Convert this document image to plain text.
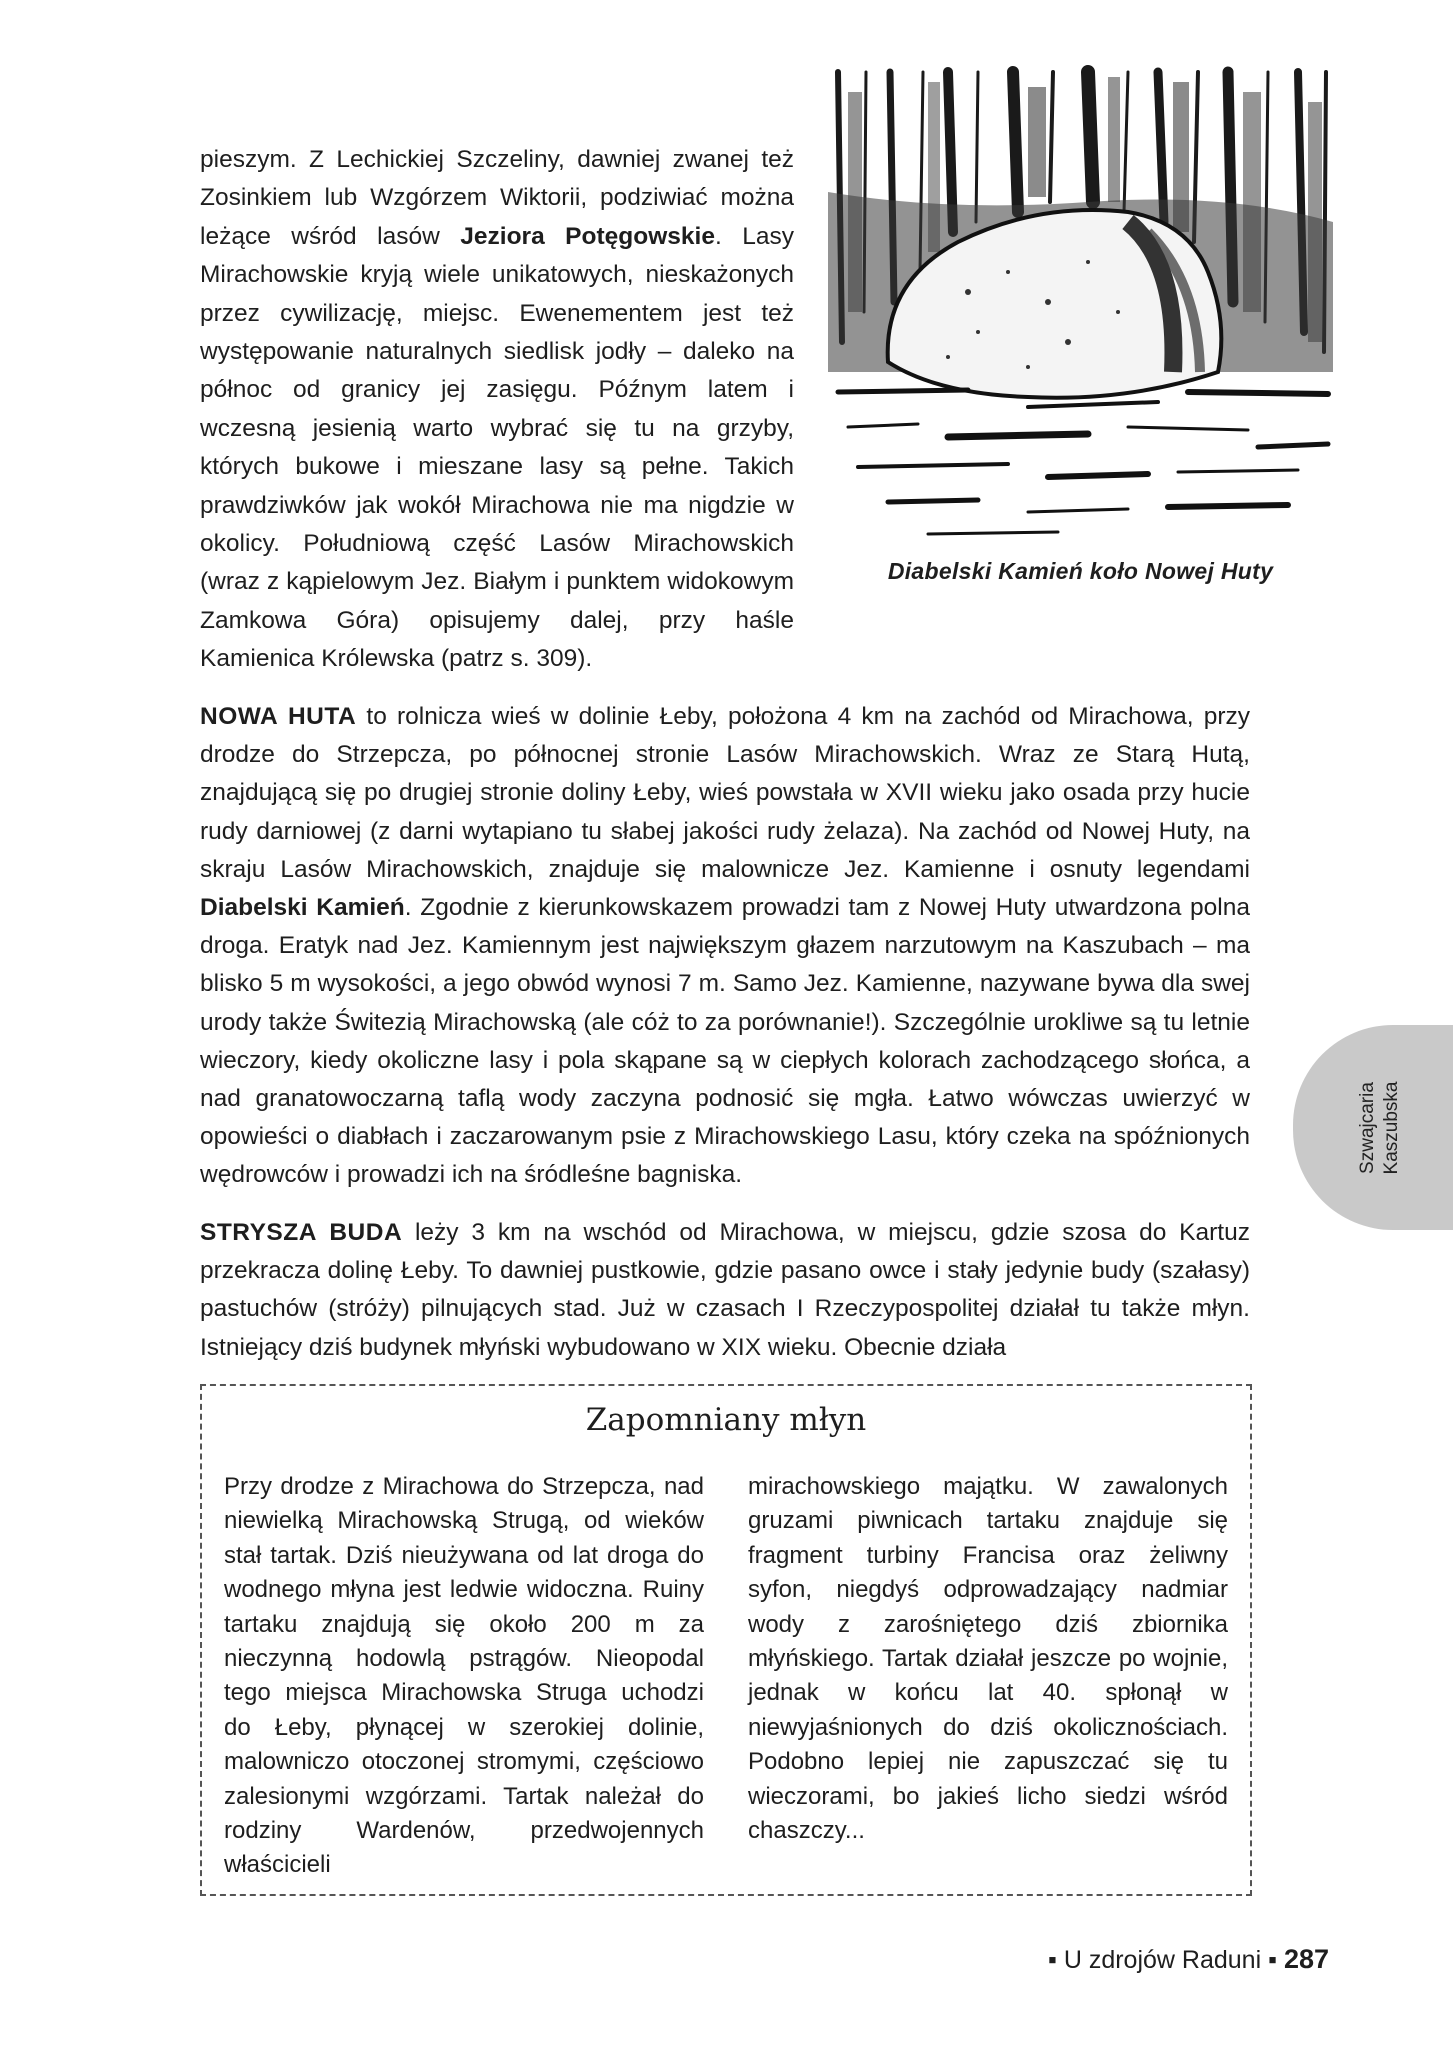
pieszym. Z Lechickiej Szczeliny, dawniej zwanej też Zosinkiem lub Wzgórzem Wiktorii, podziwiać można leżące wśród lasów Jeziora Potęgowskie. Lasy Mirachowskie kryją wiele unikatowych, nieskażonych przez cywilizację, miejsc. Ewenementem jest też występowanie naturalnych siedlisk jodły – daleko na północ od granicy jej zasięgu. Późnym latem i wczesną jesienią warto wybrać się tu na grzyby, których bukowe i mieszane lasy są pełne. Takich prawdziwków jak wokół Mirachowa nie ma nigdzie w okolicy. Południową część Lasów Mirachowskich (wraz z kąpielowym Jez. Białym i punktem widokowym Zamkowa Góra) opisujemy dalej, przy haśle Kamienica Królewska (patrz s. 309).

Diabelski Kamień koło Nowej Huty

NOWA HUTA to rolnicza wieś w dolinie Łeby, położona 4 km na zachód od Mirachowa, przy drodze do Strzepcza, po północnej stronie Lasów Mirachowskich. Wraz ze Starą Hutą, znajdującą się po drugiej stronie doliny Łeby, wieś powstała w XVII wieku jako osada przy hucie rudy darniowej (z darni wytapiano tu słabej jakości rudy żelaza). Na zachód od Nowej Huty, na skraju Lasów Mirachowskich, znajduje się malownicze Jez. Kamienne i osnuty legendami Diabelski Kamień. Zgodnie z kierunkowskazem prowadzi tam z Nowej Huty utwardzona polna droga. Eratyk nad Jez. Kamiennym jest największym głazem narzutowym na Kaszubach – ma blisko 5 m wysokości, a jego obwód wynosi 7 m. Samo Jez. Kamienne, nazywane bywa dla swej urody także Świtezią Mirachowską (ale cóż to za porównanie!). Szczególnie urokliwe są tu letnie wieczory, kiedy okoliczne lasy i pola skąpane są w ciepłych kolorach zachodzącego słońca, a nad granatowoczarną taflą wody zaczyna podnosić się mgła. Łatwo wówczas uwierzyć w opowieści o diabłach i zaczarowanym psie z Mirachowskiego Lasu, który czeka na spóźnionych wędrowców i prowadzi ich na śródleśne bagniska.

STRYSZA BUDA leży 3 km na wschód od Mirachowa, w miejscu, gdzie szosa do Kartuz przekracza dolinę Łeby. To dawniej pustkowie, gdzie pasano owce i stały jedynie budy (szałasy) pastuchów (stróży) pilnujących stad. Już w czasach I Rzeczypospolitej działał tu także młyn. Istniejący dziś budynek młyński wybudowano w XIX wieku. Obecnie działa

Szwajcaria Kaszubska
Zapomniany młyn
Przy drodze z Mirachowa do Strzepcza, nad niewielką Mirachowską Strugą, od wieków stał tartak. Dziś nieużywana od lat droga do wodnego młyna jest ledwie widoczna. Ruiny tartaku znajdują się około 200 m za nieczynną hodowlą pstrągów. Nieopodal tego miejsca Mirachowska Struga uchodzi do Łeby, płynącej w szerokiej dolinie, malowniczo otoczonej stromymi, częściowo zalesionymi wzgórzami. Tartak należał do rodziny Wardenów, przedwojennych właścicieli
mirachowskiego majątku. W zawalonych gruzami piwnicach tartaku znajduje się fragment turbiny Francisa oraz żeliwny syfon, niegdyś odprowadzający nadmiar wody z zarośniętego dziś zbiornika młyńskiego. Tartak działał jeszcze po wojnie, jednak w końcu lat 40. spłonął w niewyjaśnionych do dziś okolicznościach. Podobno lepiej nie zapuszczać się tu wieczorami, bo jakieś licho siedzi wśród chaszczy...
▪ U zdrojów Raduni ▪ 287
